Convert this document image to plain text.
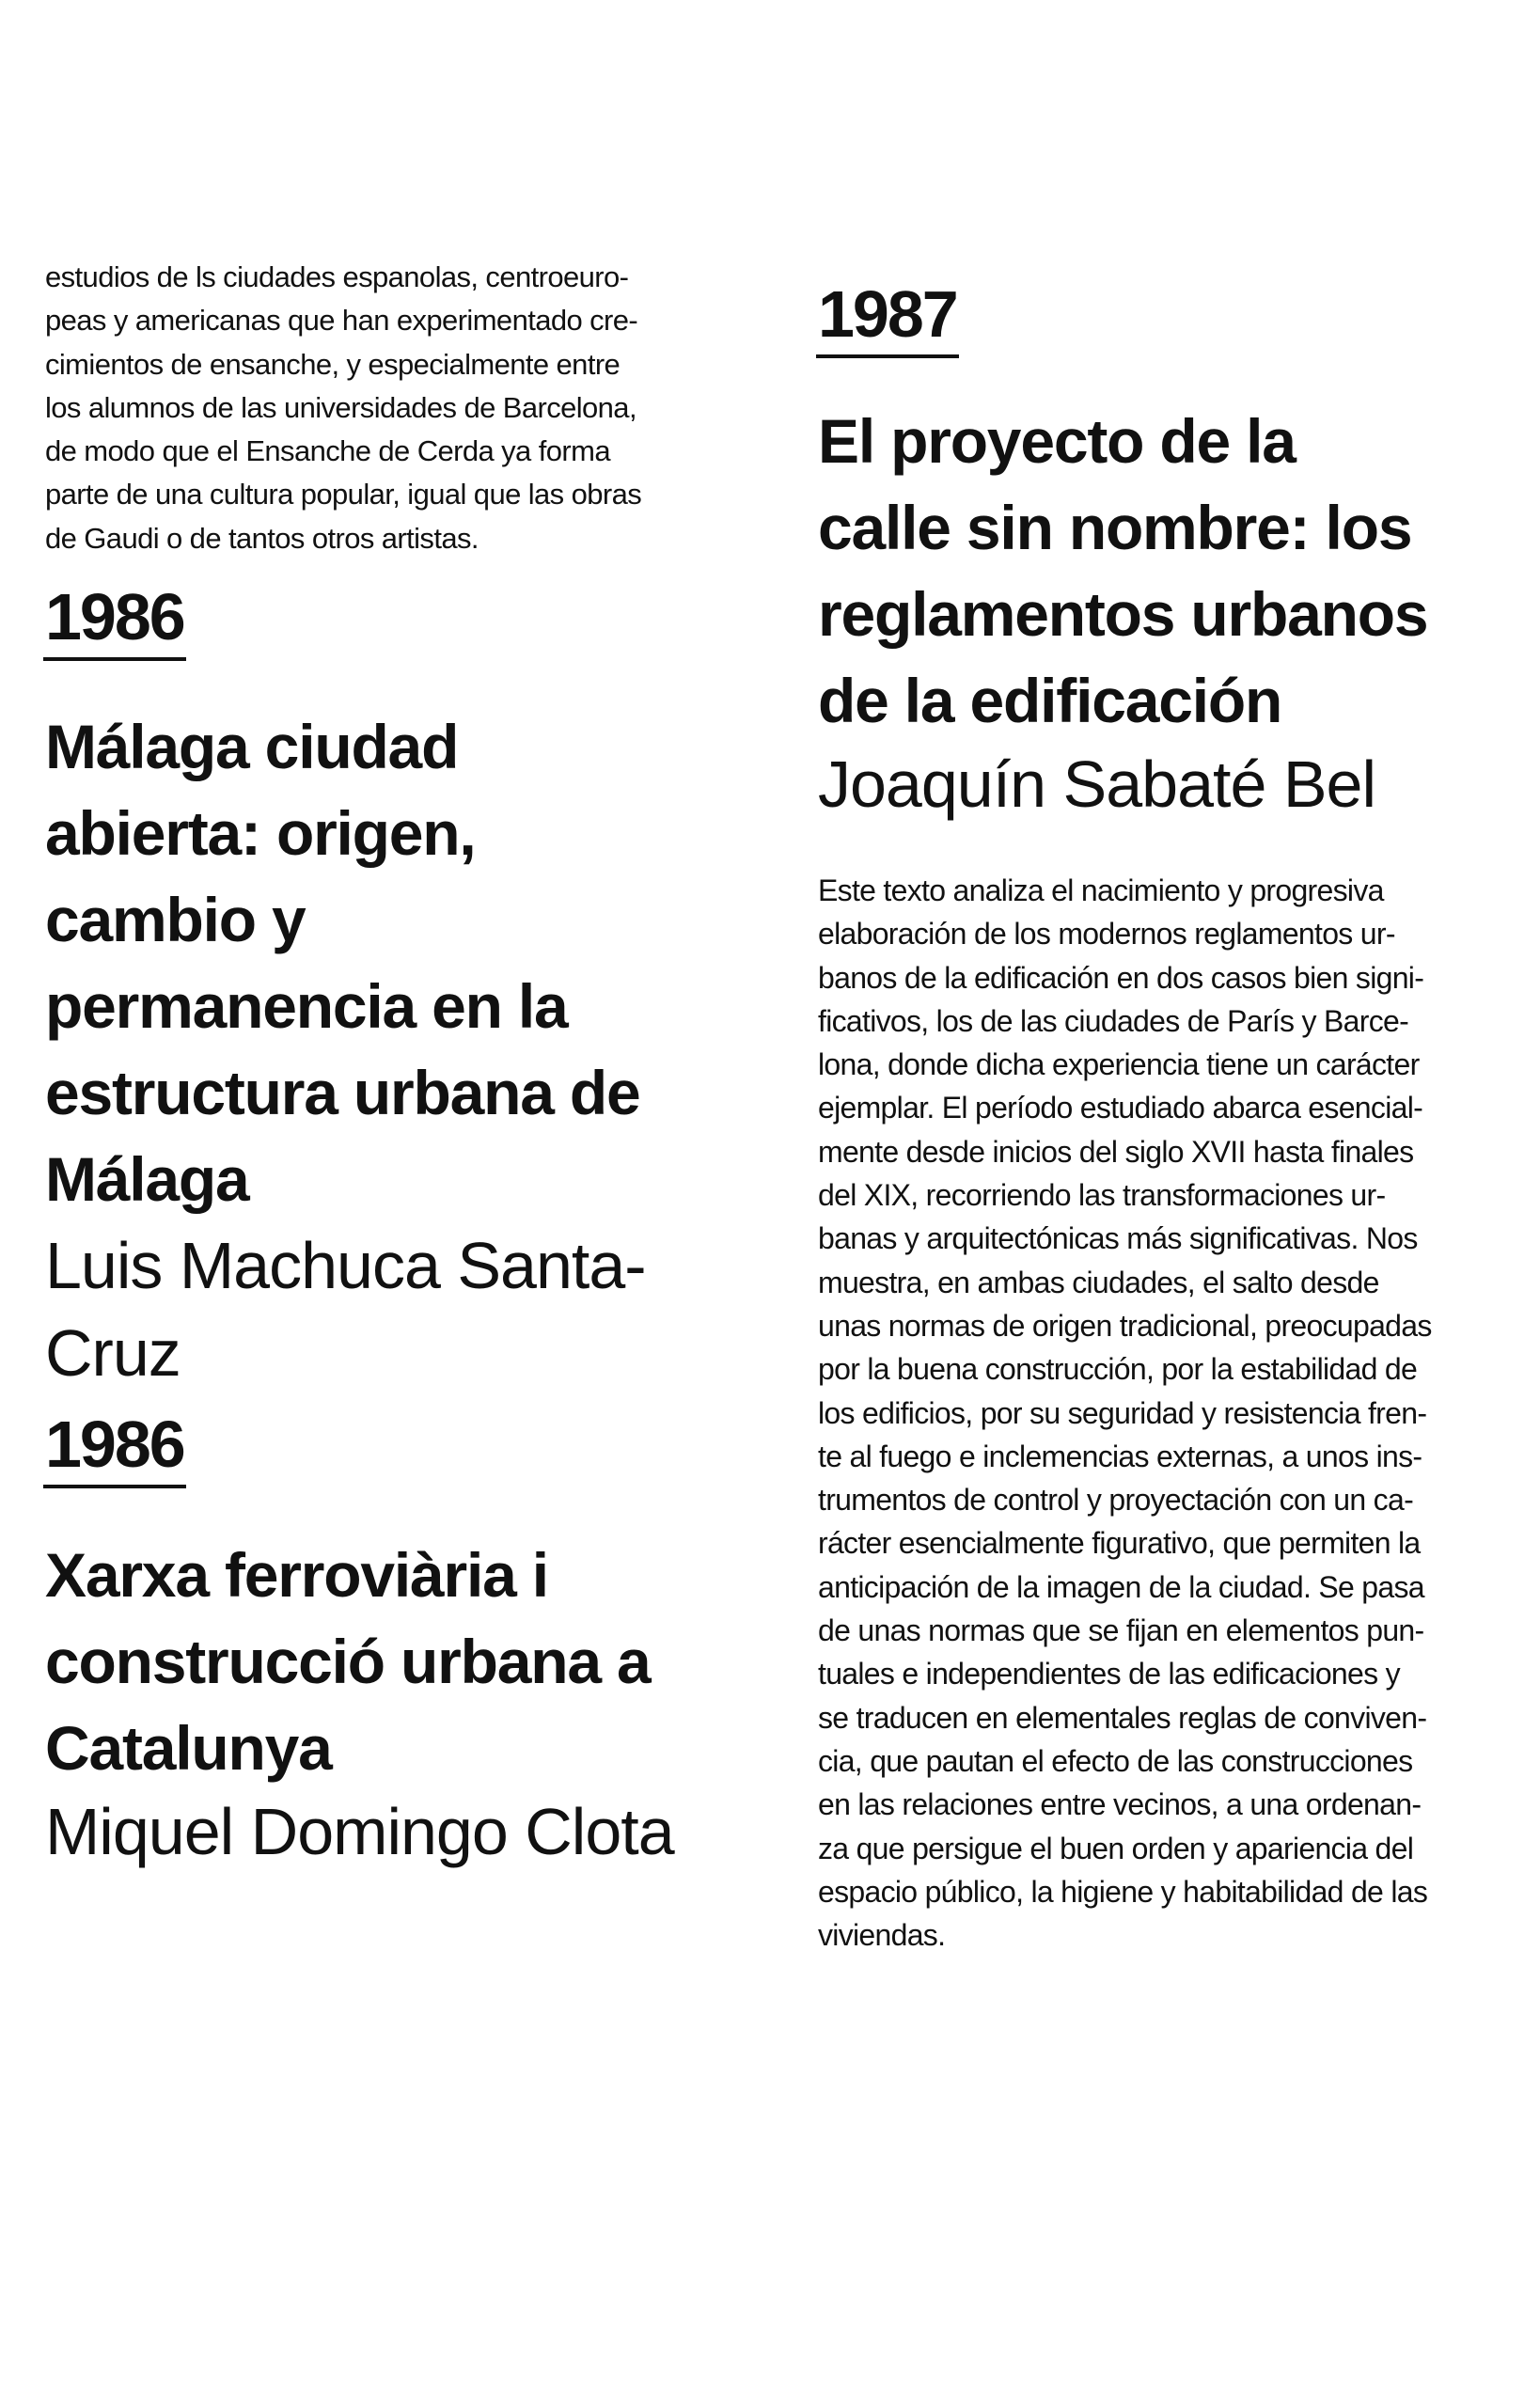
estudios de ls ciudades espanolas, centroeuro-
peas y americanas que han experimentado cre-
cimientos de ensanche, y especialmente entre
los alumnos de las universidades de Barcelona,
de modo que el Ensanche de Cerda ya forma
parte de una cultura popular, igual que las obras
de Gaudi o de tantos otros artistas.
1986
Málaga ciudad
abierta: origen,
cambio y
permanencia en la
estructura urbana de
Málaga
Luis Machuca Santa-
Cruz
1986
Xarxa ferroviària i
construcció urbana a
Catalunya
Miquel Domingo Clota
1987
El proyecto de la
calle sin nombre: los
reglamentos urbanos
de la edificación
Joaquín Sabaté Bel
Este texto analiza el nacimiento y progresiva
elaboración de los modernos reglamentos ur-
banos de la edificación en dos casos bien signi-
ficativos, los de las ciudades de París y Barce-
lona, donde dicha experiencia tiene un carácter
ejemplar. El período estudiado abarca esencial-
mente desde inicios del siglo XVII hasta finales
del XIX, recorriendo las transformaciones ur-
banas y arquitectónicas más significativas. Nos
muestra, en ambas ciudades, el salto desde
unas normas de origen tradicional, preocupadas
por la buena construcción, por la estabilidad de
los edificios, por su seguridad y resistencia fren-
te al fuego e inclemencias externas, a unos ins-
trumentos de control y proyectación con un ca-
rácter esencialmente figurativo, que permiten la
anticipación de la imagen de la ciudad. Se pasa
de unas normas que se fijan en elementos pun-
tuales e independientes de las edificaciones y
se traducen en elementales reglas de conviven-
cia, que pautan el efecto de las construcciones
en las relaciones entre vecinos, a una ordenan-
za que persigue el buen orden y apariencia del
espacio público, la higiene y habitabilidad de las
viviendas.
